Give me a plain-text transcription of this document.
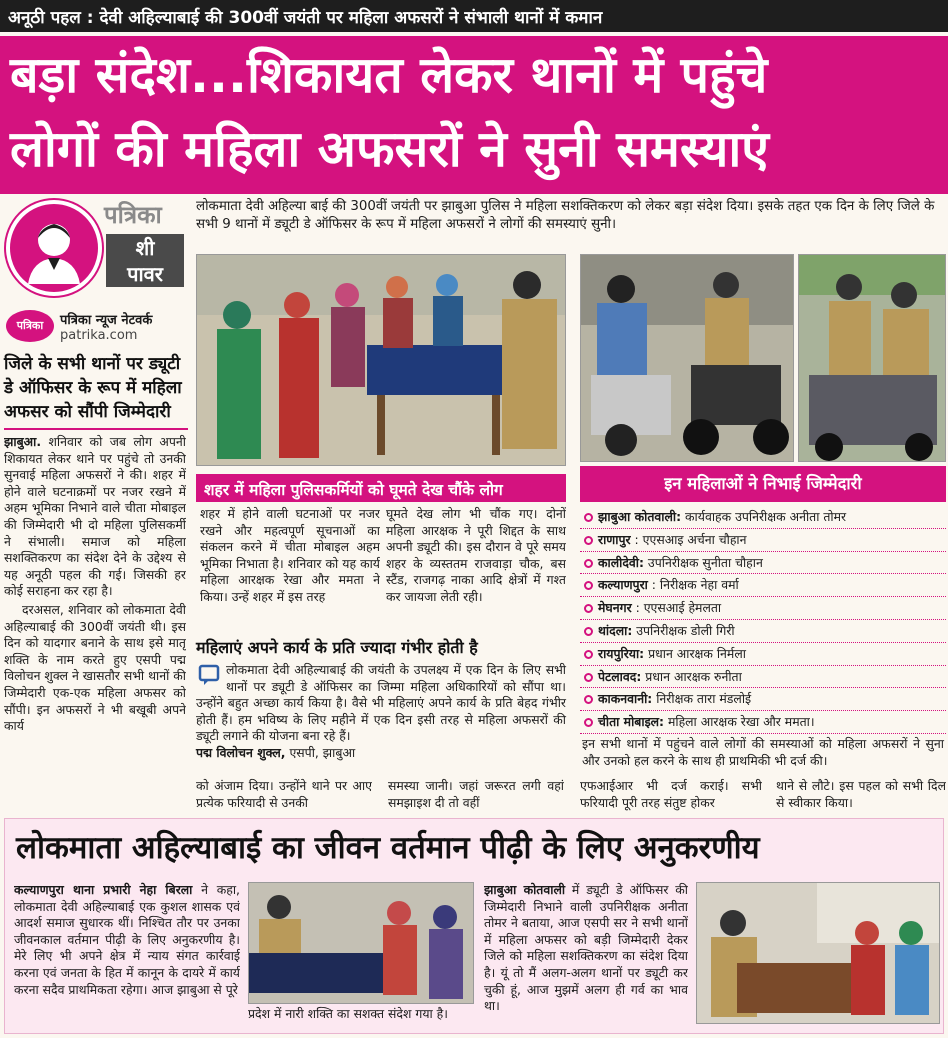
अनूठी पहल : देवी अहिल्याबाई की 300वीं जयंती पर महिला अफसरों ने संभाली थानों में कमान
बड़ा संदेश...शिकायत लेकर थानों में पहुंचे
लोगों की महिला अफसरों ने सुनी समस्याएं
पत्रिका
शी
पावर
पत्रिका	पत्रिका न्यूज नेटवर्क
patrika.com
जिले के सभी थानों पर ड्यूटी डे ऑफिसर के रूप में महिला अफसर को सौंपी जिम्मेदारी

झाबुआ. शनिवार को जब लोग अपनी शिकायत लेकर थाने पर पहुंचे तो उनकी सुनवाई महिला अफसरों ने की। शहर में होने वाले घटनाक्रमों पर नजर रखने में अहम भूमिका निभाने वाले चीता मोबाइल की जिम्मेदारी भी दो महिला पुलिसकर्मी ने संभाली। समाज को महिला सशक्तिकरण का संदेश देने के उद्देश्य से यह अनूठी पहल की गई। जिसकी हर कोई सराहना कर रहा है।

दरअसल, शनिवार को लोकमाता देवी अहिल्याबाई की 300वीं जयंती थी। इस दिन को यादगार बनाने के साथ इसे मातृ शक्ति के नाम करते हुए एसपी पद्म विलोचन शुक्ल ने खासतौर सभी थानों की जिम्मेदारी एक-एक महिला अफसर को सौंपी। इन अफसरों ने भी बखूबी अपने कार्य

लोकमाता देवी अहिल्या बाई की 300वीं जयंती पर झाबुआ पुलिस ने महिला सशक्तिकरण को लेकर बड़ा संदेश दिया। इसके तहत एक दिन के लिए जिले के सभी 9 थानों में ड्यूटी डे ऑफिसर के रूप में महिला अफसरों ने लोगों की समस्याएं सुनी।
शहर में महिला पुलिसकर्मियों को घूमते देख चौंके लोग
शहर में होने वाली घटनाओं पर नजर रखने और महत्वपूर्ण सूचनाओं का संकलन करने में चीता मोबाइल अहम भूमिका निभाता है। शनिवार को यह कार्य महिला आरक्षक रेखा और ममता ने किया। उन्हें शहर में इस तरह
घूमते देख लोग भी चौंक गए। दोनों महिला आरक्षक ने पूरी शिद्दत के साथ अपनी ड्यूटी की। इस दौरान वे पूरे समय शहर के व्यस्ततम राजवाड़ा चौक, बस स्टैंड, राजगढ़ नाका आदि क्षेत्रों में गश्त कर जायजा लेती रही।
महिलाएं अपने कार्य के प्रति ज्यादा गंभीर होती है
लोकमाता देवी अहिल्याबाई की जयंती के उपलक्ष्य में एक दिन के लिए सभी थानों पर ड्यूटी डे ऑफिसर का जिम्मा महिला अधिकारियों को सौंपा था। उन्होंने बहुत अच्छा कार्य किया है। वैसे भी महिलाएं अपने कार्य के प्रति बेहद गंभीर होती हैं। हम भविष्य के लिए महीने में एक दिन इसी तरह से महिला अफसरों की ड्यूटी लगाने की योजना बना रहे हैं।
पद्म विलोचन शुक्ल, एसपी, झाबुआ
इन महिलाओं ने निभाई जिम्मेदारी
झाबुआ कोतवाली: कार्यवाहक उपनिरीक्षक अनीता तोमर
राणापुर : एएसआइ अर्चना चौहान
कालीदेवी: उपनिरीक्षक सुनीता चौहान
कल्याणपुरा : निरीक्षक नेहा वर्मा
मेघनगर : एएसआई हेमलता
थांदला: उपनिरीक्षक डोली गिरी
रायपुरिया: प्रधान आरक्षक निर्मला
पेटलावद: प्रधान आरक्षक रुनीता
काकनवानी: निरीक्षक तारा मंडलोई
चीता मोबाइल: महिला आरक्षक रेखा और ममता।
इन सभी थानों में पहुंचने वाले लोगों की समस्याओं को महिला अफसरों ने सुना और उनको हल करने के साथ ही प्राथमिकी भी दर्ज की।
को अंजाम दिया। उन्होंने थाने पर आए प्रत्येक फरियादी से उनकी
समस्या जानी। जहां जरूरत लगी वहां समझाइश दी तो वहीं
एफआईआर भी दर्ज कराई। सभी फरियादी पूरी तरह संतुष्ट होकर
थाने से लौटे। इस पहल को सभी दिल से स्वीकार किया।
लोकमाता अहिल्याबाई का जीवन वर्तमान पीढ़ी के लिए अनुकरणीय
कल्याणपुरा थाना प्रभारी नेहा बिरला ने कहा, लोकमाता देवी अहिल्याबाई एक कुशल शासक एवं आदर्श समाज सुधारक थीं। निश्चित तौर पर उनका जीवनकाल वर्तमान पीढ़ी के लिए अनुकरणीय है। मेरे लिए भी अपने क्षेत्र में न्याय संगत कार्रवाई करना एवं जनता के हित में कानून के दायरे में कार्य करना सदैव प्राथमिकता रहेगा। आज झाबुआ से पूरे
प्रदेश में नारी शक्ति का सशक्त संदेश गया है।
झाबुआ कोतवाली में ड्यूटी डे ऑफिसर की जिम्मेदारी निभाने वाली उपनिरीक्षक अनीता तोमर ने बताया, आज एसपी सर ने सभी थानों में महिला अफसर को बड़ी जिम्मेदारी देकर जिले को महिला सशक्तिकरण का संदेश दिया है। यूं तो मैं अलग-अलग थानों पर ड्यूटी कर चुकी हूं, आज मुझमें अलग ही गर्व का भाव था।
